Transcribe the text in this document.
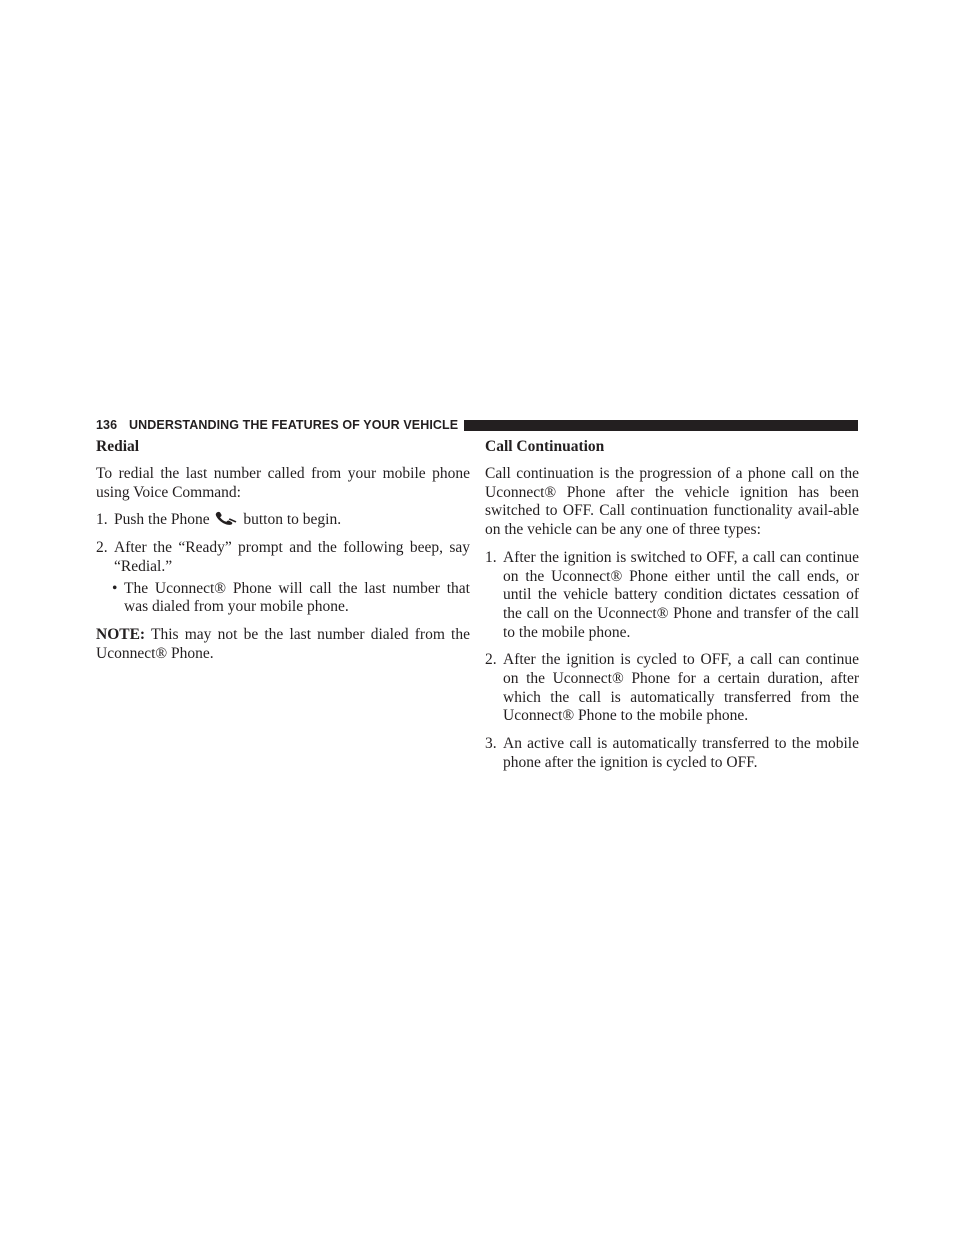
136 UNDERSTANDING THE FEATURES OF YOUR VEHICLE
Redial

To redial the last number called from your mobile phone using Voice Command:

1. Push the Phone button to begin.
2. After the “Ready” prompt and the following beep, say “Redial.”
• The Uconnect® Phone will call the last number that was dialed from your mobile phone.

NOTE: This may not be the last number dialed from the Uconnect® Phone.

Call Continuation

Call continuation is the progression of a phone call on the Uconnect® Phone after the vehicle ignition has been switched to OFF. Call continuation functionality avail-able on the vehicle can be any one of three types:

1. After the ignition is switched to OFF, a call can continue on the Uconnect® Phone either until the call ends, or until the vehicle battery condition dictates cessation of the call on the Uconnect® Phone and transfer of the call to the mobile phone.
2. After the ignition is cycled to OFF, a call can continue on the Uconnect® Phone for a certain duration, after which the call is automatically transferred from the Uconnect® Phone to the mobile phone.
3. An active call is automatically transferred to the mobile phone after the ignition is cycled to OFF.
